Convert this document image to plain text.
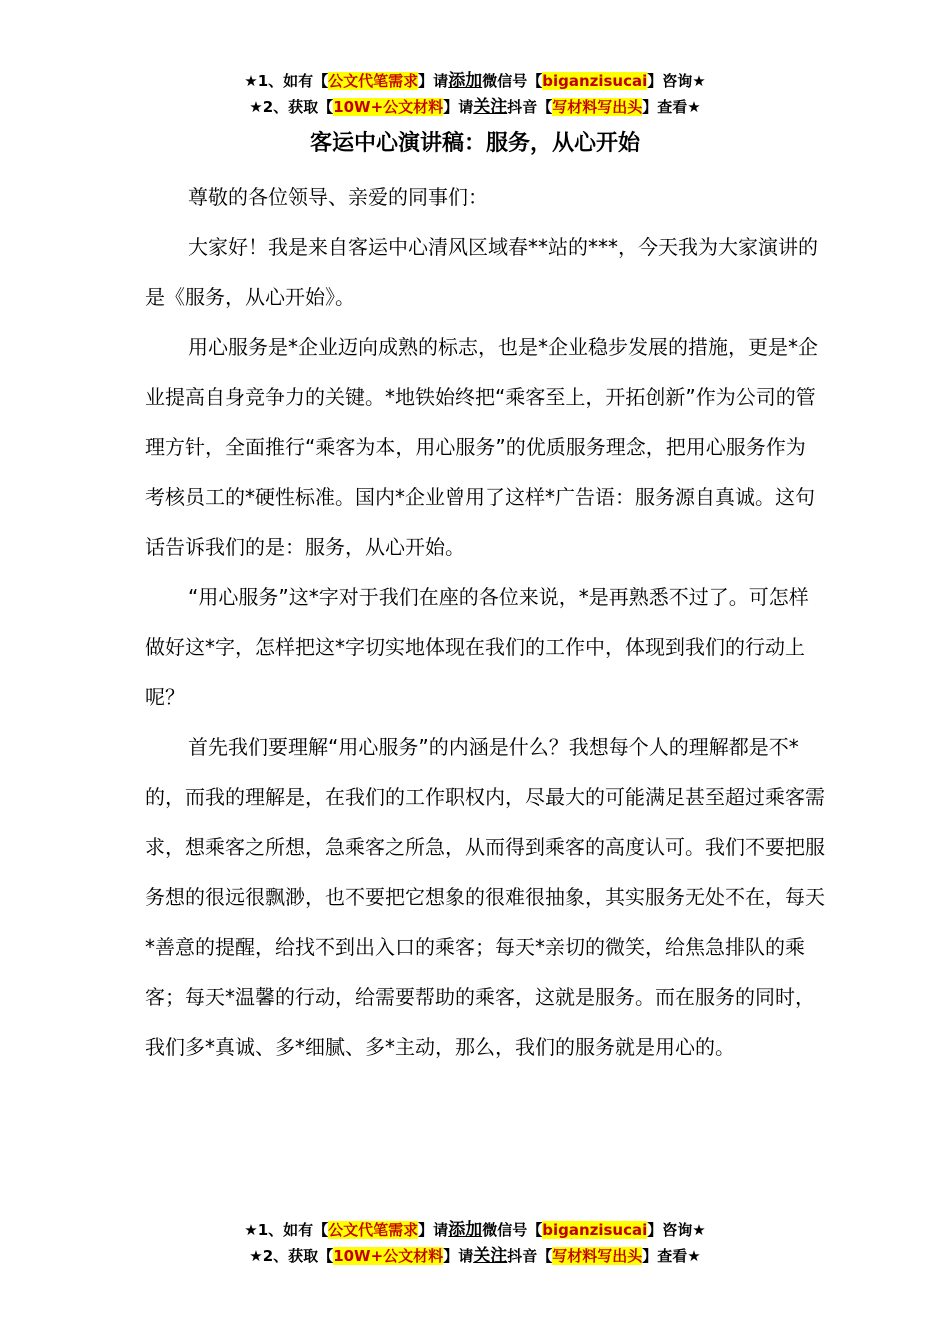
★1、如有【公文代笔需求】请添加微信号【biganzisucai】咨询★
★2、获取【10W+公文材料】请关注抖音【写材料写出头】查看★
客运中心演讲稿：服务，从心开始

尊敬的各位领导、亲爱的同事们：

大家好！我是来自客运中心清风区域春**站的***，今天我为大家演讲的是《服务，从心开始》。

用心服务是*企业迈向成熟的标志，也是*企业稳步发展的措施，更是*企业提高自身竞争力的关键。*地铁始终把“乘客至上，开拓创新”作为公司的管理方针，全面推行“乘客为本，用心服务”的优质服务理念，把用心服务作为考核员工的*硬性标准。国内*企业曾用了这样*广告语：服务源自真诚。这句话告诉我们的是：服务，从心开始。

“用心服务”这*字对于我们在座的各位来说，*是再熟悉不过了。可怎样做好这*字，怎样把这*字切实地体现在我们的工作中，体现到我们的行动上呢？

首先我们要理解“用心服务”的内涵是什么？我想每个人的理解都是不*的，而我的理解是，在我们的工作职权内，尽最大的可能满足甚至超过乘客需求，想乘客之所想，急乘客之所急，从而得到乘客的高度认可。我们不要把服务想的很远很飘渺，也不要把它想象的很难很抽象，其实服务无处不在，每天*善意的提醒，给找不到出入口的乘客；每天*亲切的微笑，给焦急排队的乘客；每天*温馨的行动，给需要帮助的乘客，这就是服务。而在服务的同时，我们多*真诚、多*细腻、多*主动，那么，我们的服务就是用心的。

★1、如有【公文代笔需求】请添加微信号【biganzisucai】咨询★
★2、获取【10W+公文材料】请关注抖音【写材料写出头】查看★
